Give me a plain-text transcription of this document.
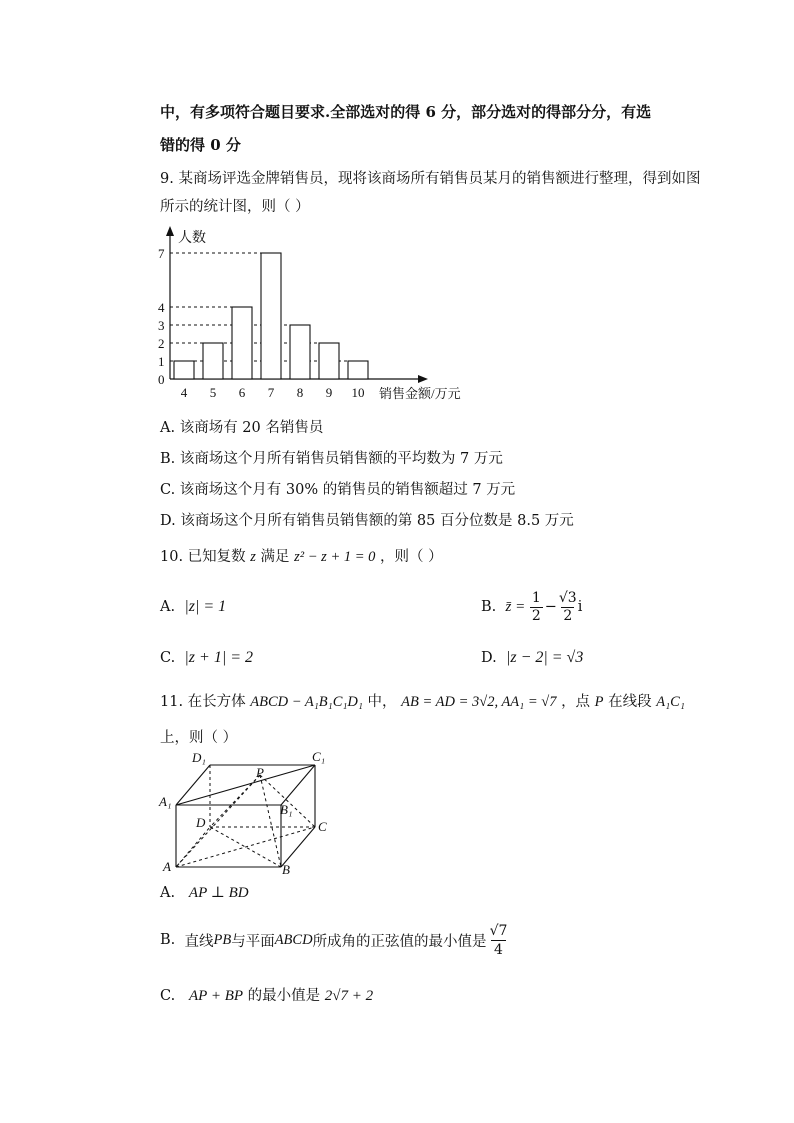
中，有多项符合题目要求.全部选对的得 6 分，部分选对的得部分分，有选
错的得 0 分
9. 某商场评选金牌销售员，现将该商场所有销售员某月的销售额进行整理，得到如图
所示的统计图，则（ ）
0
1
2
3
4
7
4 5 6 7 8 9 10
人数
销售金额/万元
A. 该商场有 20 名销售员
B. 该商场这个月所有销售员销售额的平均数为 7 万元
C. 该商场这个月有 30% 的销售员的销售额超过 7 万元
D. 该商场这个月所有销售员销售额的第 85 百分位数是 8.5 万元
10. 已知复数 z 满足 z² − z + 1 = 0 ，则（ ）
A. |z| = 1	B.
z̄ =
$\frac{1}{2} - \frac{√3}{2}$ i
C. |z + 1| = 2	D. |z − 2| = √3
11. 在长方体 ABCD − A₁B₁C₁D₁ 中， AB = AD = 3√2, AA₁ = √7 ，点 P 在线段 A₁C₁
上，则（ ）
D₁	C₁
A₁
P
B₁
D	C
A	B
A. AP ⊥ BD
B.
直线 PB 与平面 ABCD 所成角的正弦值的最小值是 $\frac{√7}{4}$
C. AP + BP 的最小值是 2√7 + 2
